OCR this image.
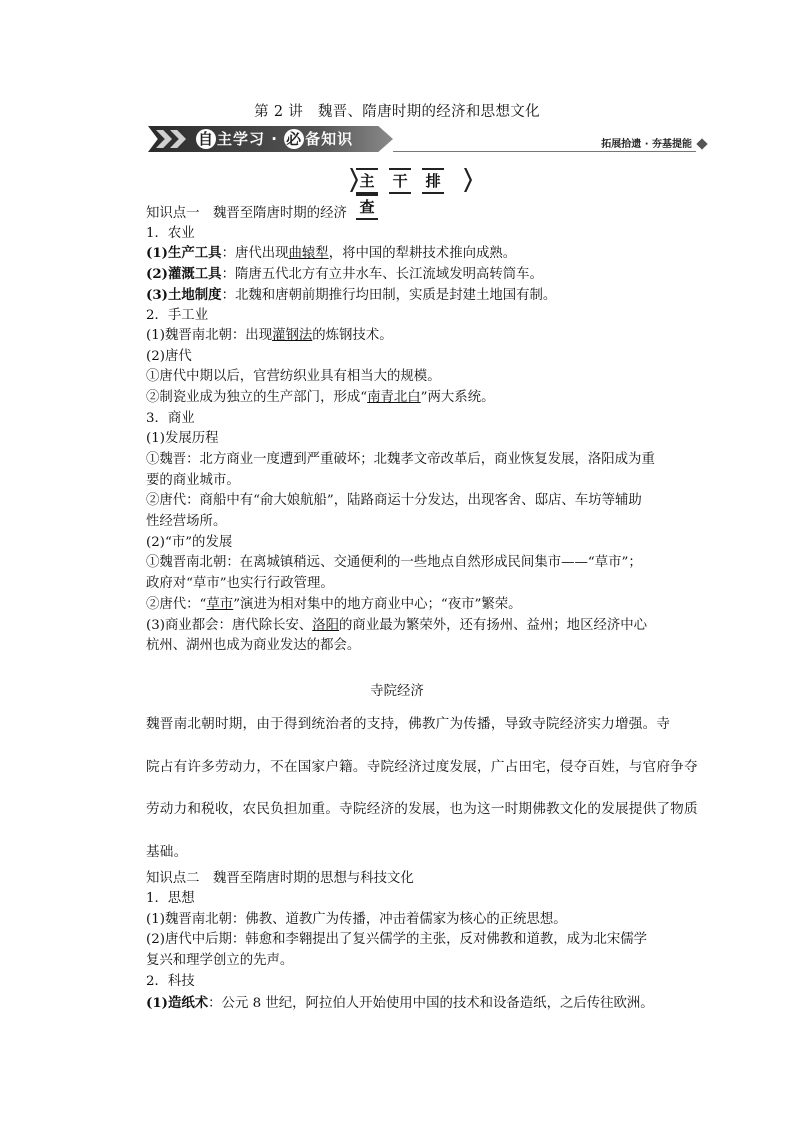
第 2 讲　魏晋、隋唐时期的经济和思想文化
自 主学习 · 必 备知识	拓展拾遗 · 夯基提能
主 干 排 查
知识点一　魏晋至隋唐时期的经济
1．农业
(1)生产工具：唐代出现曲辕犁，将中国的犁耕技术推向成熟。
(2)灌溉工具：隋唐五代北方有立井水车、长江流域发明高转筒车。
(3)土地制度：北魏和唐朝前期推行均田制，实质是封建土地国有制。
2．手工业
(1)魏晋南北朝：出现灌钢法的炼钢技术。
(2)唐代
①唐代中期以后，官营纺织业具有相当大的规模。
②制瓷业成为独立的生产部门，形成“南青北白”两大系统。
3．商业
(1)发展历程
①魏晋：北方商业一度遭到严重破坏；北魏孝文帝改革后，商业恢复发展，洛阳成为重
要的商业城市。
②唐代：商船中有“俞大娘航船”，陆路商运十分发达，出现客舍、邸店、车坊等辅助
性经营场所。
(2)“市”的发展
①魏晋南北朝：在离城镇稍远、交通便利的一些地点自然形成民间集市——“草市”；
政府对“草市”也实行行政管理。
②唐代：“草市”演进为相对集中的地方商业中心；“夜市”繁荣。
(3)商业都会：唐代除长安、洛阳的商业最为繁荣外，还有扬州、益州；地区经济中心
杭州、湖州也成为商业发达的都会。
寺院经济
魏晋南北朝时期，由于得到统治者的支持，佛教广为传播，导致寺院经济实力增强。寺
院占有许多劳动力，不在国家户籍。寺院经济过度发展，广占田宅，侵夺百姓，与官府争夺
劳动力和税收，农民负担加重。寺院经济的发展，也为这一时期佛教文化的发展提供了物质
基础。
知识点二　魏晋至隋唐时期的思想与科技文化
1．思想
(1)魏晋南北朝：佛教、道教广为传播，冲击着儒家为核心的正统思想。
(2)唐代中后期：韩愈和李翱提出了复兴儒学的主张，反对佛教和道教，成为北宋儒学
复兴和理学创立的先声。
2．科技
(1)造纸术：公元 8 世纪，阿拉伯人开始使用中国的技术和设备造纸，之后传往欧洲。
